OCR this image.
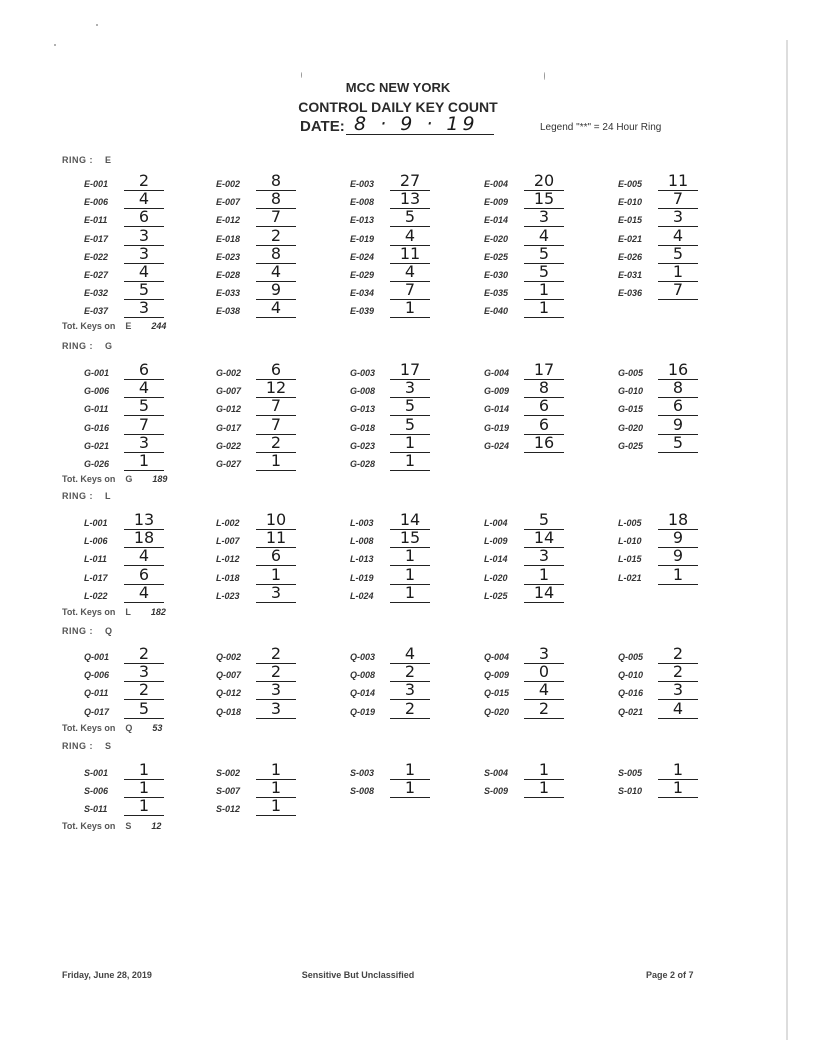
MCC NEW YORK
CONTROL DAILY KEY COUNT
DATE: 8 · 9 · 19	Legend "**" = 24 Hour Ring
RING : E
E-001	2	E-002	8	E-003	27	E-004	20	E-005	11
E-006	4	E-007	8	E-008	13	E-009	15	E-010	7
E-011	6	E-012	7	E-013	5	E-014	3	E-015	3
E-017	3	E-018	2	E-019	4	E-020	4	E-021	4
E-022	3	E-023	8	E-024	11	E-025	5	E-026	5
E-027	4	E-028	4	E-029	4	E-030	5	E-031	1
E-032	5	E-033	9	E-034	7	E-035	1	E-036	7
E-037	3	E-038	4	E-039	1	E-040	1
Tot. Keys on E 244
RING : G
G-001	6	G-002	6	G-003	17	G-004	17	G-005	16
G-006	4	G-007	12	G-008	3	G-009	8	G-010	8
G-011	5	G-012	7	G-013	5	G-014	6	G-015	6
G-016	7	G-017	7	G-018	5	G-019	6	G-020	9
G-021	3	G-022	2	G-023	1	G-024	16	G-025	5
G-026	1	G-027	1	G-028	1
Tot. Keys on G 189
RING : L
L-001	13	L-002	10	L-003	14	L-004	5	L-005	18
L-006	18	L-007	11	L-008	15	L-009	14	L-010	9
L-011	4	L-012	6	L-013	1	L-014	3	L-015	9
L-017	6	L-018	1	L-019	1	L-020	1	L-021	1
L-022	4	L-023	3	L-024	1	L-025	14
Tot. Keys on L 182
RING : Q
Q-001	2	Q-002	2	Q-003	4	Q-004	3	Q-005	2
Q-006	3	Q-007	2	Q-008	2	Q-009	0	Q-010	2
Q-011	2	Q-012	3	Q-014	3	Q-015	4	Q-016	3
Q-017	5	Q-018	3	Q-019	2	Q-020	2	Q-021	4
Tot. Keys on Q 53
RING : S
S-001	1	S-002	1	S-003	1	S-004	1	S-005	1
S-006	1	S-007	1	S-008	1	S-009	1	S-010	1
S-011	1	S-012	1
Tot. Keys on S 12
Friday, June 28, 2019	Sensitive But Unclassified	Page 2 of 7
